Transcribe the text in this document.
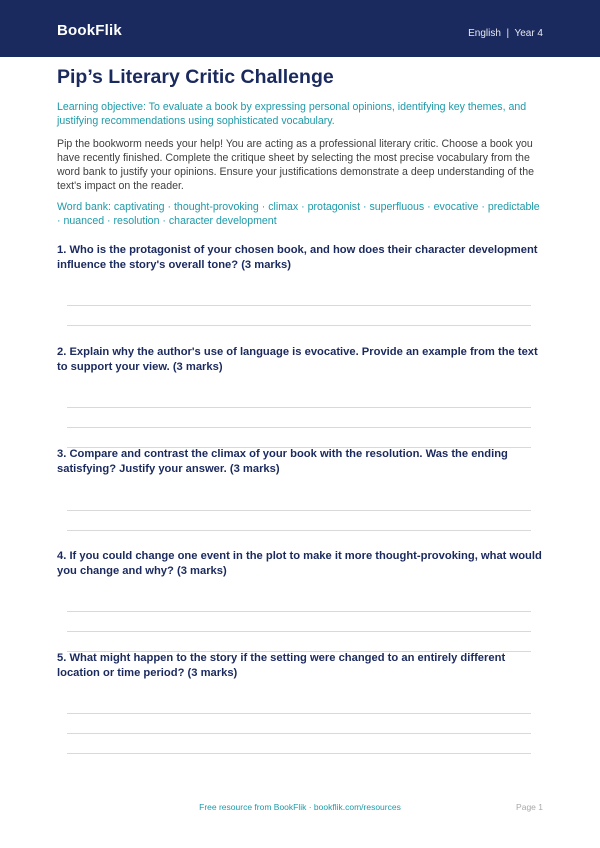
BookFlik	English  |  Year 4
Pip’s Literary Critic Challenge
Learning objective: To evaluate a book by expressing personal opinions, identifying key themes, and justifying recommendations using sophisticated vocabulary.
Pip the bookworm needs your help! You are acting as a professional literary critic. Choose a book you have recently finished. Complete the critique sheet by selecting the most precise vocabulary from the word bank to justify your opinions. Ensure your justifications demonstrate a deep understanding of the text's impact on the reader.
Word bank: captivating · thought-provoking · climax · protagonist · superfluous · evocative · predictable · nuanced · resolution · character development
1. Who is the protagonist of your chosen book, and how does their character development influence the story's overall tone? (3 marks)
2. Explain why the author's use of language is evocative. Provide an example from the text to support your view. (3 marks)
3. Compare and contrast the climax of your book with the resolution. Was the ending satisfying? Justify your answer. (3 marks)
4. If you could change one event in the plot to make it more thought-provoking, what would you change and why? (3 marks)
5. What might happen to the story if the setting were changed to an entirely different location or time period? (3 marks)
Free resource from BookFlik · bookflik.com/resources	Page 1
